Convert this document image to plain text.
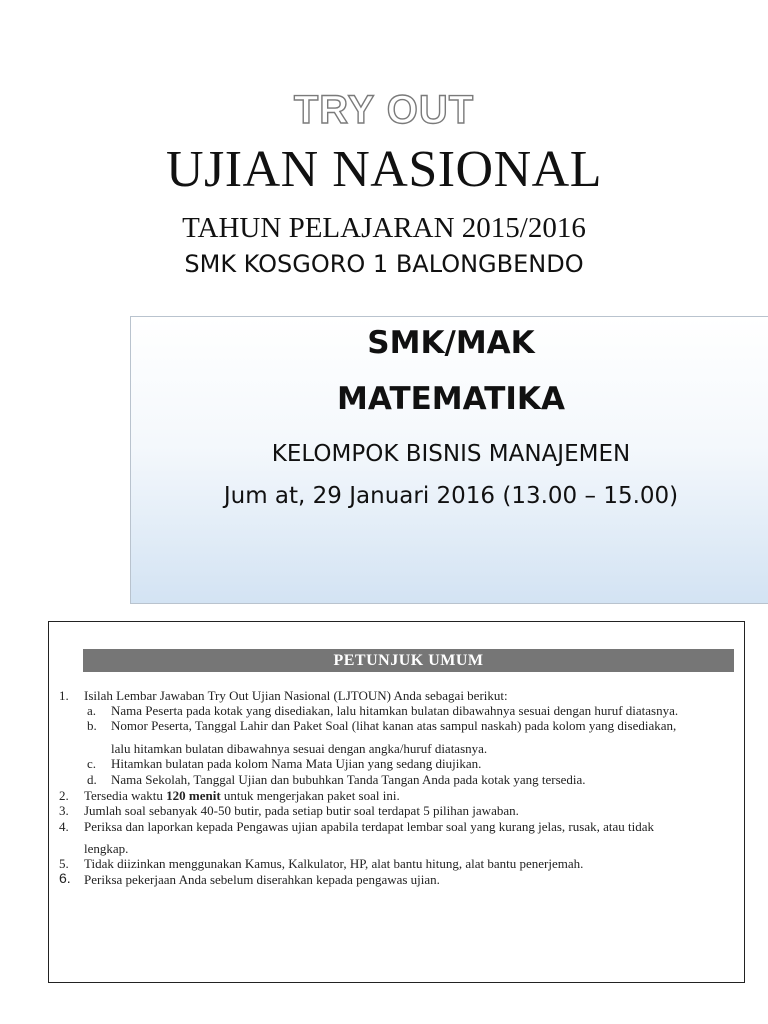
TRY OUT
UJIAN NASIONAL
TAHUN PELAJARAN 2015/2016
SMK KOSGORO 1 BALONGBENDO
SMK/MAK
MATEMATIKA
KELOMPOK BISNIS MANAJEMEN
Jum at, 29 Januari 2016 (13.00 – 15.00)
PETUNJUK UMUM
1. Isilah Lembar Jawaban Try Out Ujian Nasional (LJTOUN) Anda sebagai berikut:
a. Nama Peserta pada kotak yang disediakan, lalu hitamkan bulatan dibawahnya sesuai dengan huruf diatasnya.
b. Nomor Peserta, Tanggal Lahir dan Paket Soal (lihat kanan atas sampul naskah) pada kolom yang disediakan,
lalu hitamkan bulatan dibawahnya sesuai dengan angka/huruf diatasnya.
c. Hitamkan bulatan pada kolom Nama Mata Ujian yang sedang diujikan.
d. Nama Sekolah, Tanggal Ujian dan bubuhkan Tanda Tangan Anda pada kotak yang tersedia.
2. Tersedia waktu 120 menit untuk mengerjakan paket soal ini.
3. Jumlah soal sebanyak 40-50 butir, pada setiap butir soal terdapat 5 pilihan jawaban.
4. Periksa dan laporkan kepada Pengawas ujian apabila terdapat lembar soal yang kurang jelas, rusak, atau tidak
lengkap.
5. Tidak diizinkan menggunakan Kamus, Kalkulator, HP, alat bantu hitung, alat bantu penerjemah.
6. Periksa pekerjaan Anda sebelum diserahkan kepada pengawas ujian.
